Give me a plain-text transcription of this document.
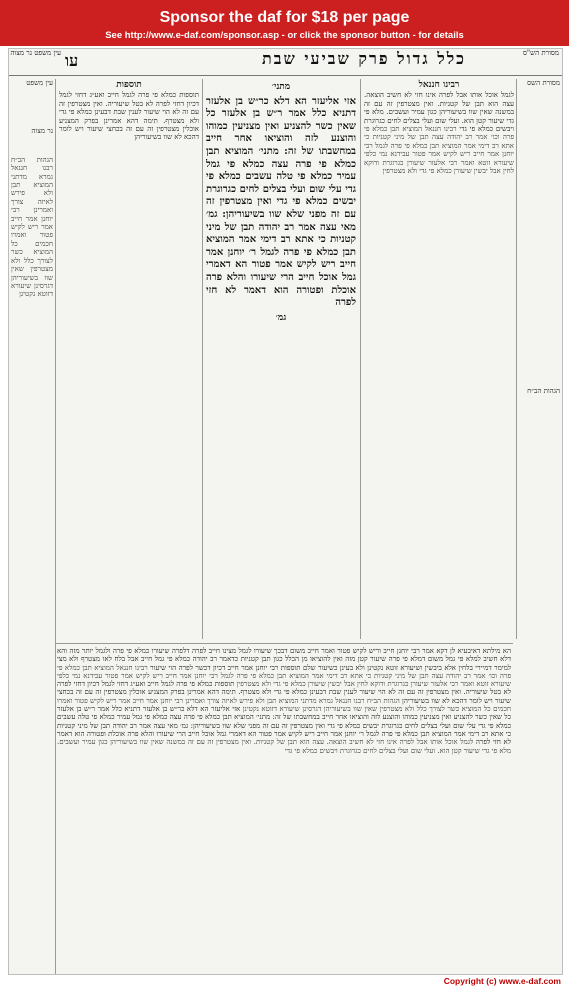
Sponsor the daf for $18 per page
See http://www.e-daf.com/sponsor.asp - or click the sponsor button - for details
כלל גדול פרק שביעי שבת
עו
עין משפט נר מצוה	מסורת הש"ס
מסורת השס
הגהות הב״ח
רבינו חננאל
לגמל אוכל אותו אבל לפרה אינו חזי לא חשיב הוצאה. עצה הוא תבן של קטניות. ואין מצטרפין זה עם זה במשנה שאין שוו בשיעוריהן כגון עמיר ועשבים. מלא פי גדי שיעור קטן הוא. ועלי שום ועלי בצלים לחים כגרוגרת ויבשים כמלא פי גדי רבינו חננאל המוציא תבן כמלא פי פרה וכו׳ אמר רב יהודה עצה תבן של מיני קטניות כי אתא רב דימי אמר המוציא תבן כמלא פי פרה לגמל רבי יוחנן אמר חייב ריש לקיש אמר פטור עבידנא נמי כלפי שיעורא זוטא ואמר רבי אלעזר שיעורן כגרוגרת ודוקא לחין אבל יבשין שיעורן כמלא פי גדי ולא מצטרפין
מתני׳
אזי אליעזר הא דלא כר״ש בן אלעזר דתניא כלל אמר ר״ש בן אלעזר כל שאין כשר להצניע ואין מצניעין כמוהו והוצנע לזה והוציאו אחר חייב במחשבתו של זה: מתני׳ המוציא תבן כמלא פי פרה עצה כמלא פי גמל עמיר כמלא פי טלה עשבים כמלא פי גדי עלי שום ועלי בצלים לחים כגרוגרת יבשים כמלא פי גדי ואין מצטרפין זה עם זה מפני שלא שוו בשיעוריהן: גמ׳ מאי עצה אמר רב יהודה תבן של מיני קטניות כי אתא רב דימי אמר המוציא תבן כמלא פי פרה לגמל ר׳ יוחנן אמר חייב ריש לקיש אמר פטור הא דאמרי גמל אוכל חייב הרי שיעורו והלא פרה אוכלת ופטורה הוא דאמר לא חזי לפרה
גמ׳
תוספות
תוספות כמלא פי פרה לגמל חייב ואע״ג דחזי לגמל דכיון דחזי לפרה לא בטל שיעוריה. ואין מצטרפין זה עם זה לא הוי שיעור לענין שבת דבעינן כמלא פי גדי ולא מצטרף. תימה דהא אמרינן בפרק המצניע אוכלין מצטרפין זה עם זה בכחצי שיעור ויש לומר דהכא לא שוו בשיעוריהן
עין משפט
נר מצוה
הגהות הב״ח רבנו חננאל גמרא מדתני המוציא תבן ולא פירש לאיזה צורך ואמרינן רבי יוחנן אמר חייב אמר ריש לקיש פטור ואמרו חכמים כל המוציא כשר לצורך כלל ולא מצטרפין שאין שוו בשיעוריהן דגרסינן שיעורא דזוטא נקטינן
הא מילתא דאיבעיא לן דקא אמר רבי יוחנן חייב וריש לקיש פטור ואמר חייב משום דבכך שיעורו לגמל מצינו חייב לפרה דלפרה שיעורו כמלא פי פרה ולגמל יותר מזה והא דלא חשיב למלא פי גמל משום דמלא פי פרה שיעור קטן מזה ואין להוציאו מן הכלל כגון תבן קטניות כדאמר רב יהודה כמלא פי גמל חייב אבל בלח לאו מצטרף ולא מצי למימר דמיירי בלחין אלא ביבשין ושיעורא זוטא נקטינן ולא בעינן כשיעור שלם תוספות רבי יוחנן אמר חייב דכיון דכשר לפרה הוי שיעור רבינו חננאל המוציא תבן כמלא פי פרה וכו׳ אמר רב יהודה עצה תבן של מיני קטניות כי אתא רב דימי אמר המוציא תבן כמלא פי פרה לגמל רבי יוחנן אמר חייב ריש לקיש אמר פטור עבידנא נמי כלפי שיעורא זוטא ואמר רבי אלעזר שיעורן כגרוגרת ודוקא לחין אבל יבשין שיעורן כמלא פי גדי ולא מצטרפין תוספות כמלא פי פרה לגמל חייב ואע״ג דחזי לגמל דכיון דחזי לפרה לא בטל שיעוריה. ואין מצטרפין זה עם זה לא הוי שיעור לענין שבת דבעינן כמלא פי גדי ולא מצטרף. תימה דהא אמרינן בפרק המצניע אוכלין מצטרפין זה עם זה בכחצי שיעור ויש לומר דהכא לא שוו בשיעוריהן הגהות הב״ח רבנו חננאל גמרא מדתני המוציא תבן ולא פירש לאיזה צורך ואמרינן רבי יוחנן אמר חייב אמר ריש לקיש פטור ואמרו חכמים כל המוציא כשר לצורך כלל ולא מצטרפין שאין שוו בשיעוריהן דגרסינן שיעורא דזוטא נקטינן אזי אליעזר הא דלא כר״ש בן אלעזר דתניא כלל אמר ר״ש בן אלעזר כל שאין כשר להצניע ואין מצניעין כמוהו והוצנע לזה והוציאו אחר חייב במחשבתו של זה: מתני׳ המוציא תבן כמלא פי פרה עצה כמלא פי גמל עמיר כמלא פי טלה עשבים כמלא פי גדי עלי שום ועלי בצלים לחים כגרוגרת יבשים כמלא פי גדי ואין מצטרפין זה עם זה מפני שלא שוו בשיעוריהן: גמ׳ מאי עצה אמר רב יהודה תבן של מיני קטניות כי אתא רב דימי אמר המוציא תבן כמלא פי פרה לגמל ר׳ יוחנן אמר חייב ריש לקיש אמר פטור הא דאמרי גמל אוכל חייב הרי שיעורו והלא פרה אוכלת ופטורה הוא דאמר לא חזי לפרה לגמל אוכל אותו אבל לפרה אינו חזי לא חשיב הוצאה. עצה הוא תבן של קטניות. ואין מצטרפין זה עם זה במשנה שאין שוו בשיעוריהן כגון עמיר ועשבים. מלא פי גדי שיעור קטן הוא. ועלי שום ועלי בצלים לחים כגרוגרת ויבשים כמלא פי גדי
Copyright (c) www.e-daf.com
